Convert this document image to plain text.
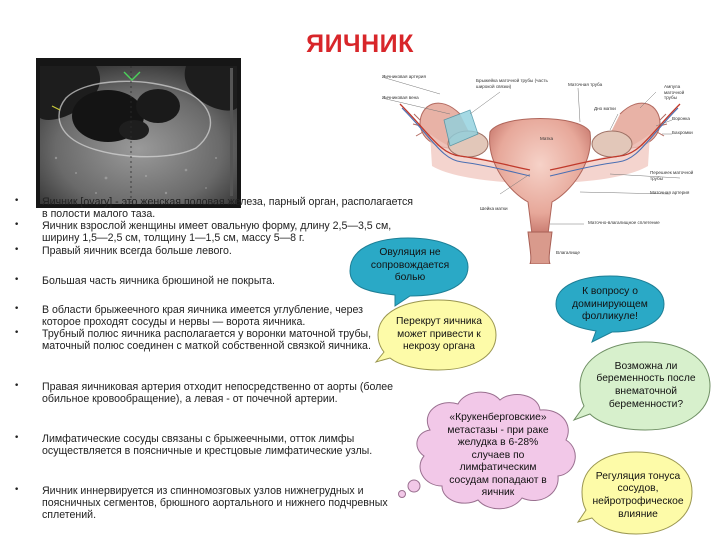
ЯИЧНИК
Яичниковая артерия
Яичниковая вена
Брыжейка маточной трубы (часть широкой связки)	Маточная труба	Ампула маточной трубы
Дно матки
Воронка
Бахромки
Матка
Перешеек маточной трубы
Шейка матки
Маточно-влагалищное сплетение
Маточная артерия
Влагалище
• Яичник [ovary] - это женская половая железа, парный орган, располагается в полости малого таза.
• Яичник взрослой женщины имеет овальную форму, длину 2,5—3,5 см, ширину 1,5—2,5 см, толщину 1—1,5 см, массу 5—8 г.
• Правый яичник всегда больше левого.
• Большая часть яичника брюшиной не покрыта.
• В области брыжеечного края яичника имеется углубление, через которое проходят сосуды и нервы — ворота яичника.
• Трубный полюс яичника располагается у воронки маточной трубы, маточный полюс соединен с маткой собственной связкой яичника.
• Правая яичниковая артерия отходит непосредственно от аорты (более обильное кровообращение), а левая - от почечной артерии.
• Лимфатические сосуды связаны с брыжеечными, отток лимфы осуществляется в поясничные и крестцовые лимфатические узлы.
• Яичник иннервируется из спинномозговых узлов нижнегрудных и поясничных сегментов, брюшного аортального и нижнего подчревных сплетений.
Овуляция не сопровождается болью
К вопросу о доминирующем фолликуле!
Перекрут яичника может привести к некрозу органа
Возможна ли беременность после внематочной беременности?
«Крукенберговские» метастазы - при раке желудка в 6-28% случаев по лимфатическим сосудам попадают в яичник
Регуляция тонуса сосудов, нейротрофическое влияние
